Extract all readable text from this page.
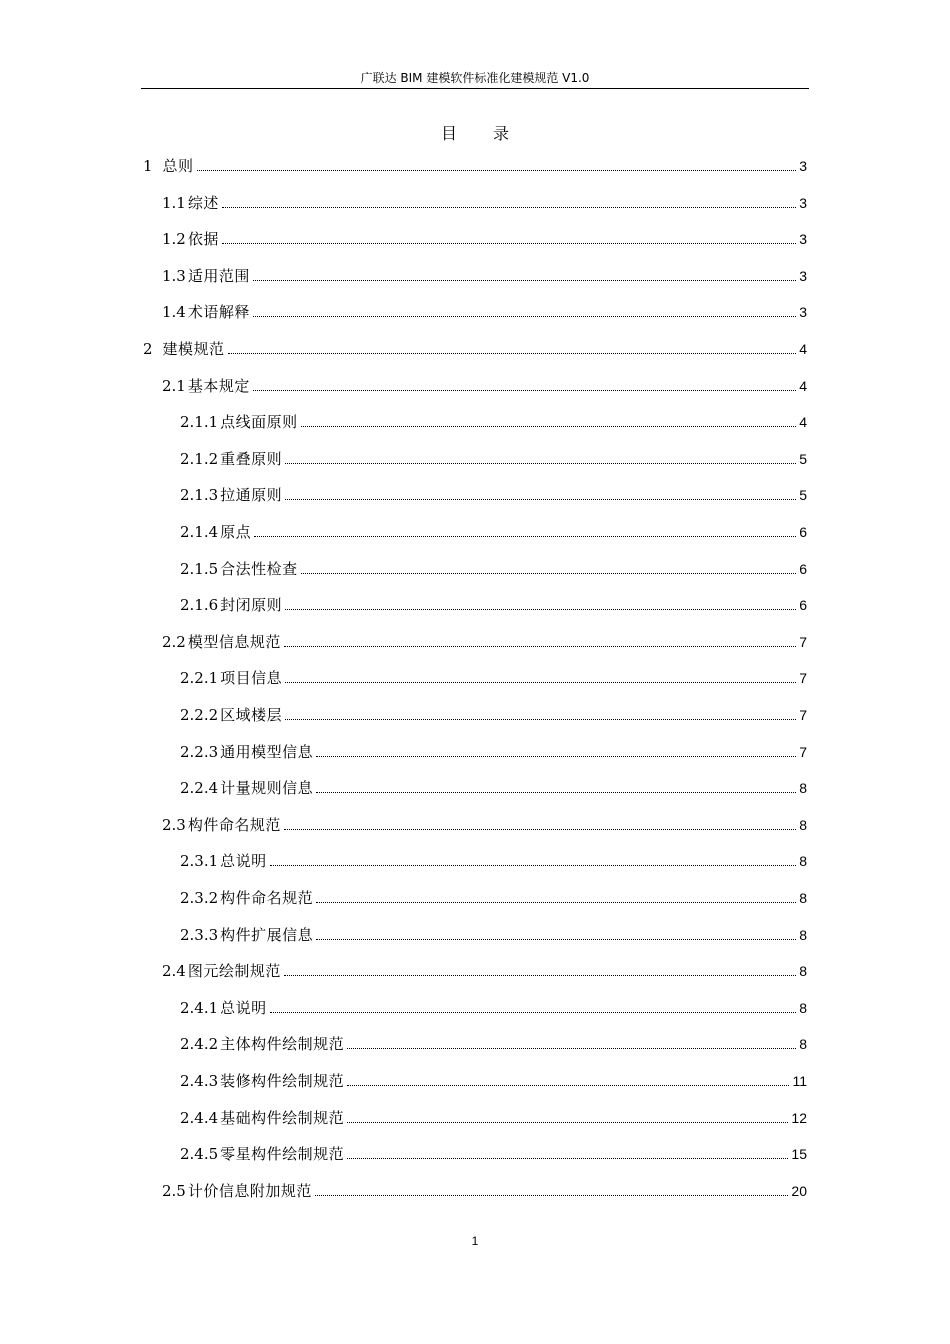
广联达 BIM 建模软件标准化建模规范 V1.0
目 录
1 总则	3
1.1 综述	3
1.2 依据	3
1.3 适用范围	3
1.4 术语解释	3
2 建模规范	4
2.1 基本规定	4
2.1.1 点线面原则	4
2.1.2 重叠原则	5
2.1.3 拉通原则	5
2.1.4 原点	6
2.1.5 合法性检查	6
2.1.6 封闭原则	6
2.2 模型信息规范	7
2.2.1 项目信息	7
2.2.2 区域楼层	7
2.2.3 通用模型信息	7
2.2.4 计量规则信息	8
2.3 构件命名规范	8
2.3.1 总说明	8
2.3.2 构件命名规范	8
2.3.3 构件扩展信息	8
2.4 图元绘制规范	8
2.4.1 总说明	8
2.4.2 主体构件绘制规范	8
2.4.3 装修构件绘制规范	11
2.4.4 基础构件绘制规范	12
2.4.5 零星构件绘制规范	15
2.5 计价信息附加规范	20
1
